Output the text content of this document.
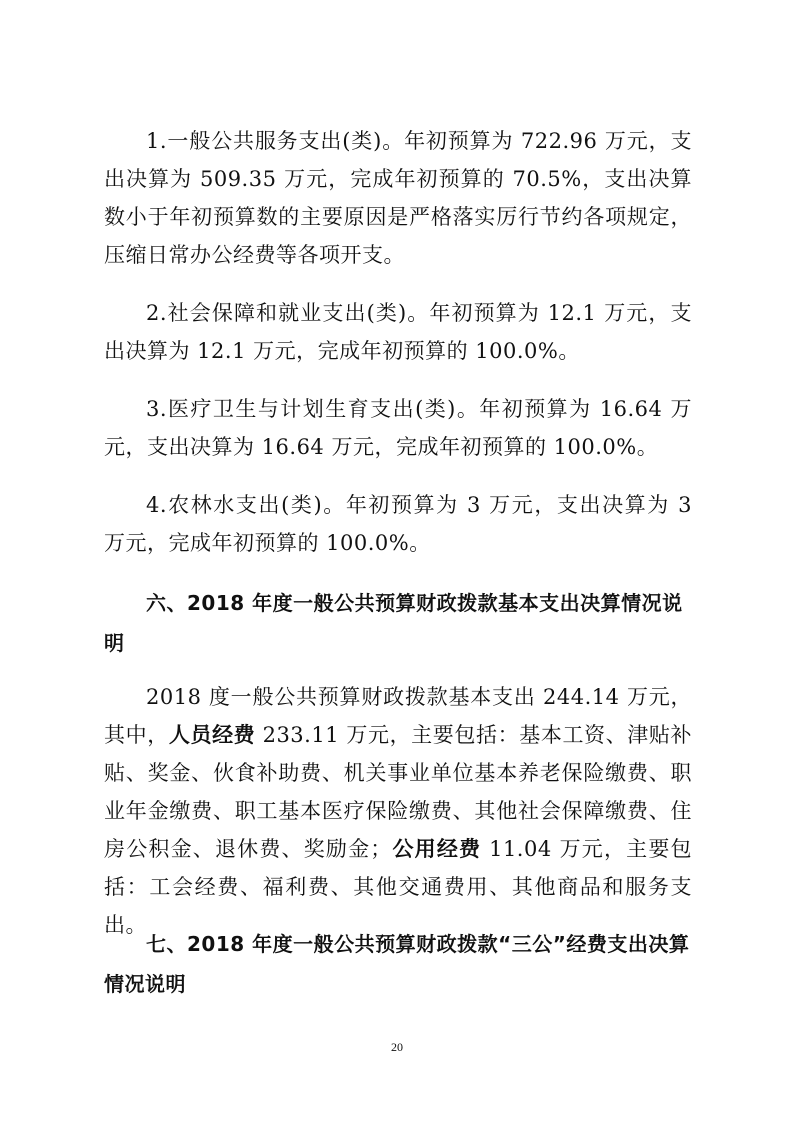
1.一般公共服务支出(类)。年初预算为 722.96 万元，支出决算为 509.35 万元，完成年初预算的 70.5%，支出决算数小于年初预算数的主要原因是严格落实厉行节约各项规定，压缩日常办公经费等各项开支。

2.社会保障和就业支出(类)。年初预算为 12.1 万元，支出决算为 12.1 万元，完成年初预算的 100.0%。

3.医疗卫生与计划生育支出(类)。年初预算为 16.64 万元，支出决算为 16.64 万元，完成年初预算的 100.0%。

4.农林水支出(类)。年初预算为 3 万元，支出决算为 3 万元，完成年初预算的 100.0%。

六、2018 年度一般公共预算财政拨款基本支出决算情况说明

2018 度一般公共预算财政拨款基本支出 244.14 万元，其中，人员经费 233.11 万元，主要包括：基本工资、津贴补贴、奖金、伙食补助费、机关事业单位基本养老保险缴费、职业年金缴费、职工基本医疗保险缴费、其他社会保障缴费、住房公积金、退休费、奖励金；公用经费 11.04 万元，主要包括：工会经费、福利费、其他交通费用、其他商品和服务支出。

七、2018 年度一般公共预算财政拨款“三公”经费支出决算情况说明
20
